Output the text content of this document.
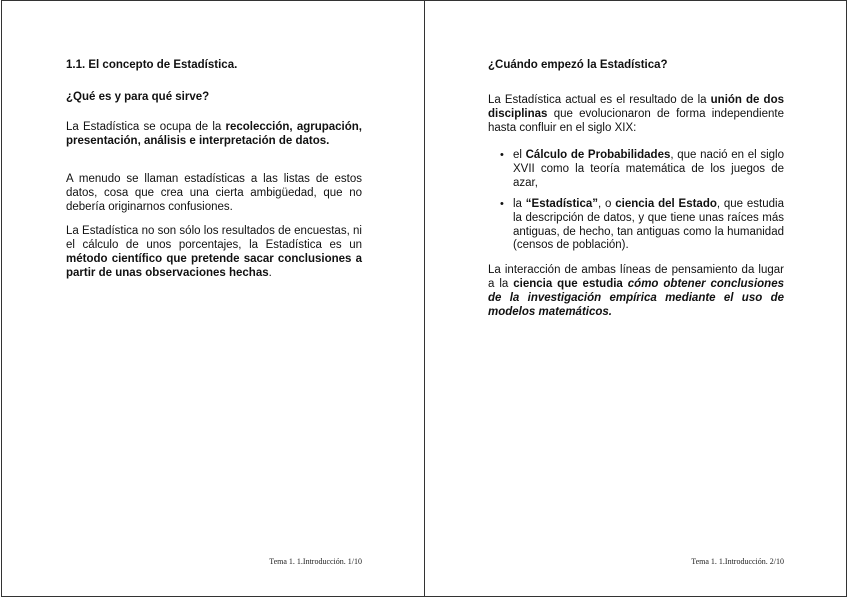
1.1. El concepto de Estadística.
¿Qué es y para qué sirve?

La Estadística se ocupa de la recolección, agrupación, presentación, análisis e interpretación de datos.

A menudo se llaman estadísticas a las listas de estos datos, cosa que crea una cierta ambigüedad, que no debería originarnos confusiones.

La Estadística no son sólo los resultados de encuestas, ni el cálculo de unos porcentajes, la Estadística es un método científico que pretende sacar conclusiones a partir de unas observaciones hechas.

Tema 1. 1.Introducción. 1/10
¿Cuándo empezó la Estadística?

La Estadística actual es el resultado de la unión de dos disciplinas que evolucionaron de forma independiente hasta confluir en el siglo XIX:

• el Cálculo de Probabilidades, que nació en el siglo XVII como la teoría matemática de los juegos de azar,
• la “Estadística”, o ciencia del Estado, que estudia la descripción de datos, y que tiene unas raíces más antiguas, de hecho, tan antiguas como la humanidad (censos de población).

La interacción de ambas líneas de pensamiento da lugar a la ciencia que estudia cómo obtener conclusiones de la investigación empírica mediante el uso de modelos matemáticos.

Tema 1. 1.Introducción. 2/10
